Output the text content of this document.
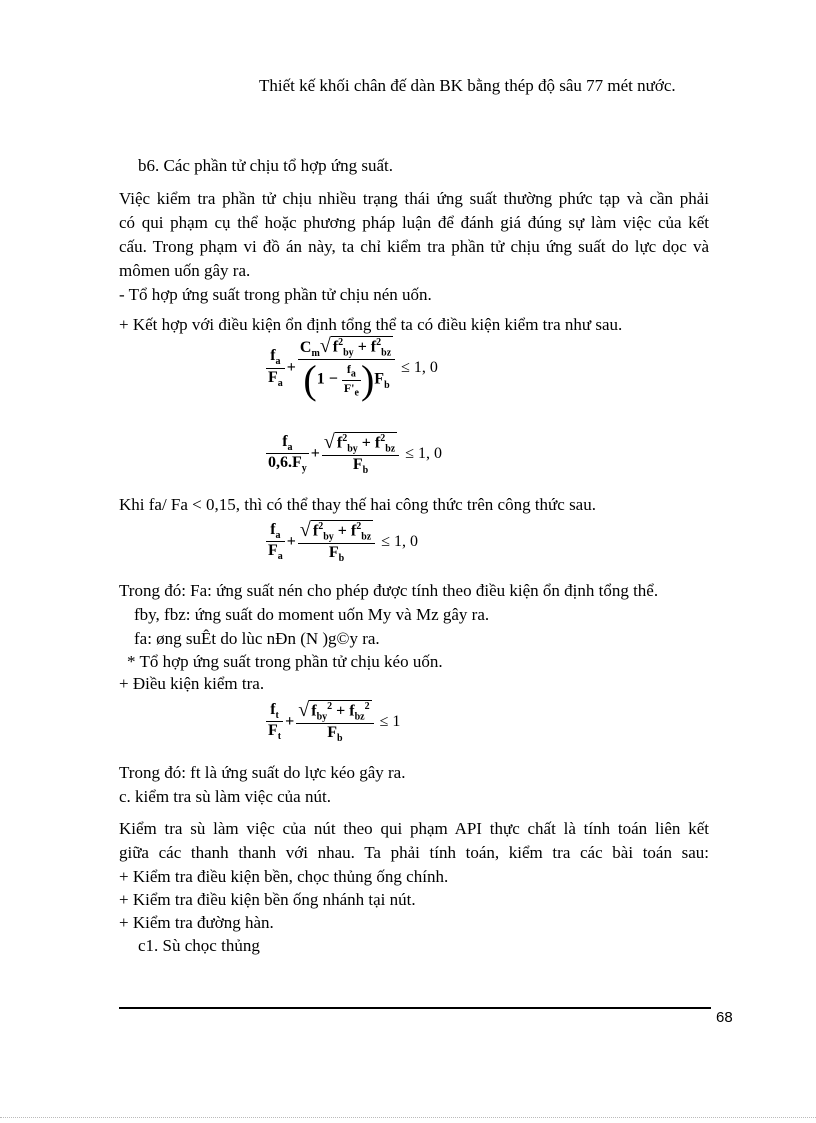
Thiết kế khối chân đế dàn BK bằng thép độ sâu 77 mét nước.
b6. Các phần tử chịu tổ hợp ứng suất.
Việc kiểm tra phần tử chịu nhiều trạng thái ứng suất thường phức tạp và cần phải
có qui phạm cụ thể hoặc phương pháp luận để đánh giá đúng sự làm việc của kết
cấu. Trong phạm vi đồ án này, ta chỉ kiểm tra phần tử chịu ứng suất do lực dọc và
mômen uốn gây ra.
- Tổ hợp ứng suất trong phần tử chịu nén uốn.
+ Kết hợp với điều kiện ổn định tổng thể ta có điều kiện kiểm tra như sau.
$\frac{f_a}{F_a} + \frac{C_m √ f^2_{by} + f^2_{bz}}{(1 - \frac{f_a}{F'_e} )F_b} \le 1$, 0
$\frac{f_a}{0,6.F_y} + \frac{√ f^2_{by} + f^2_{bz}}{F_b} \le 1$, 0
Khi fa/ Fa < 0,15, thì có thể thay thế hai công thức trên công thức sau.
$\frac{f_a}{F_a} + \frac{√ f^2_{by} + f^2_{bz}}{F_b} \le 1$, 0
Trong đó: Fa: ứng suất nén cho phép được tính theo điều kiện ổn định tổng thể.
fby, fbz: ứng suất do moment uốn My và Mz gây ra.
fa: øng suÊt do lùc nÐn (N )g©y ra.
* Tổ hợp ứng suất trong phần tử chịu kéo uốn.
+ Điều kiện kiểm tra.
$\frac{f_t}{F_t} + \frac{√ f_{by}^2 + f_{bz}^2}{F_b} \le 1$
Trong đó: ft là ứng suất do lực kéo gây ra.
c. kiểm tra sù làm việc của nút.
Kiểm tra sù làm việc của nút theo qui phạm API thực chất là tính toán liên kết
giữa các thanh thanh với nhau. Ta phải tính toán, kiểm tra các bài toán sau:
+ Kiểm tra điều kiện bền, chọc thủng ống chính.
+ Kiểm tra điều kiện bền ống nhánh tại nút.
+ Kiểm tra đường hàn.
c1. Sù chọc thủng
68
